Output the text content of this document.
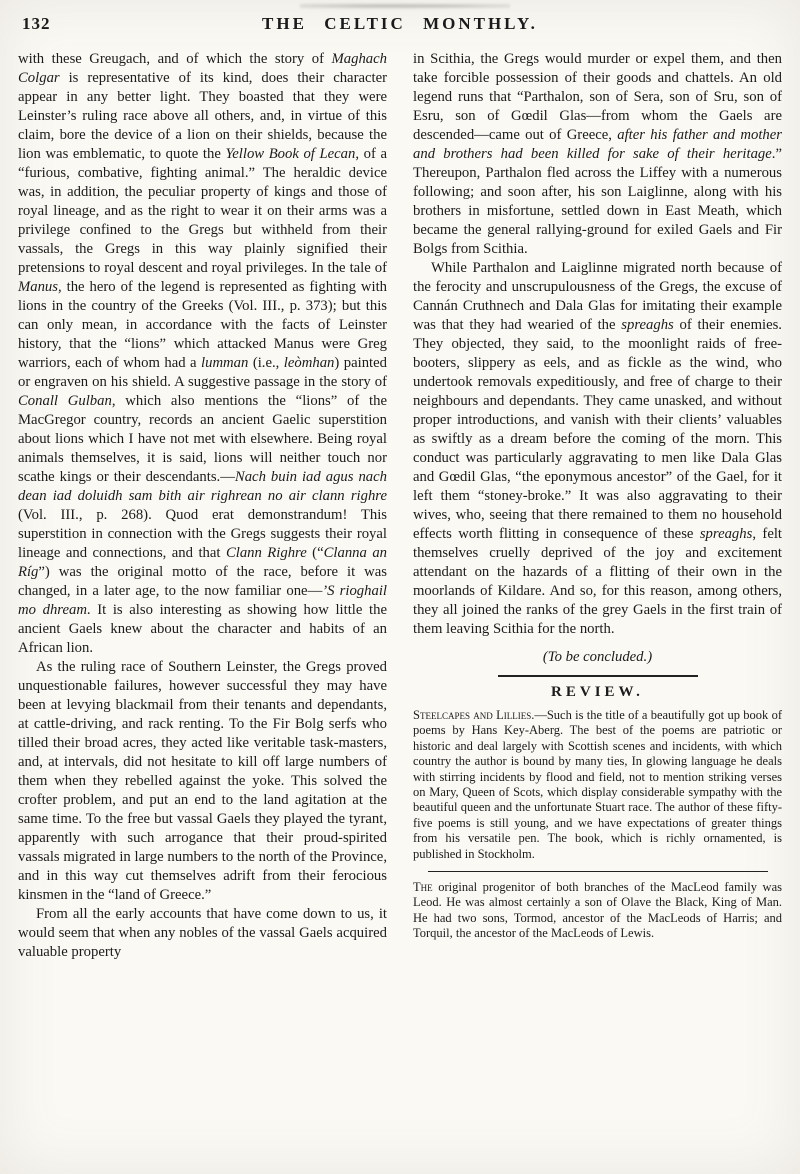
132	THE CELTIC MONTHLY.

with these Greugach, and of which the story of Maghach Colgar is representative of its kind, does their character appear in any better light. They boasted that they were Leinster’s ruling race above all others, and, in virtue of this claim, bore the device of a lion on their shields, because the lion was emblematic, to quote the Yellow Book of Lecan, of a “furious, combative, fighting animal.” The heraldic device was, in addition, the peculiar property of kings and those of royal lineage, and as the right to wear it on their arms was a privilege confined to the Gregs but withheld from their vassals, the Gregs in this way plainly signified their pretensions to royal descent and royal privileges. In the tale of Manus, the hero of the legend is represented as fighting with lions in the country of the Greeks (Vol. III., p. 373); but this can only mean, in accordance with the facts of Leinster history, that the “lions” which attacked Manus were Greg warriors, each of whom had a lumman (i.e., leòmhan) painted or engraven on his shield. A suggestive passage in the story of Conall Gulban, which also mentions the “lions” of the MacGregor country, records an ancient Gaelic superstition about lions which I have not met with elsewhere. Being royal animals themselves, it is said, lions will neither touch nor scathe kings or their descendants.—Nach buin iad agus nach dean iad doluidh sam bith air righrean no air clann righre (Vol. III., p. 268). Quod erat demonstrandum! This superstition in connection with the Gregs suggests their royal lineage and connections, and that Clann Righre (“Clanna an Ríg”) was the original motto of the race, before it was changed, in a later age, to the now familiar one—’S rioghail mo dhream. It is also interesting as showing how little the ancient Gaels knew about the character and habits of an African lion.

As the ruling race of Southern Leinster, the Gregs proved unquestionable failures, however successful they may have been at levying blackmail from their tenants and dependants, at cattle-driving, and rack renting. To the Fir Bolg serfs who tilled their broad acres, they acted like veritable task-masters, and, at intervals, did not hesitate to kill off large numbers of them when they rebelled against the yoke. This solved the crofter problem, and put an end to the land agitation at the same time. To the free but vassal Gaels they played the tyrant, apparently with such arrogance that their proud-spirited vassals migrated in large numbers to the north of the Province, and in this way cut themselves adrift from their ferocious kinsmen in the “land of Greece.”

From all the early accounts that have come down to us, it would seem that when any nobles of the vassal Gaels acquired valuable property

in Scithia, the Gregs would murder or expel them, and then take forcible possession of their goods and chattels. An old legend runs that “Parthalon, son of Sera, son of Sru, son of Esru, son of Gœdil Glas—from whom the Gaels are descended—came out of Greece, after his father and mother and brothers had been killed for sake of their heritage.” Thereupon, Parthalon fled across the Liffey with a numerous following; and soon after, his son Laiglinne, along with his brothers in misfortune, settled down in East Meath, which became the general rallying-ground for exiled Gaels and Fir Bolgs from Scithia.

While Parthalon and Laiglinne migrated north because of the ferocity and unscrupulousness of the Gregs, the excuse of Cannán Cruthnech and Dala Glas for imitating their example was that they had wearied of the spreaghs of their enemies. They objected, they said, to the moonlight raids of free-booters, slippery as eels, and as fickle as the wind, who undertook removals expeditiously, and free of charge to their neighbours and dependants. They came unasked, and without proper introductions, and vanish with their clients’ valuables as swiftly as a dream before the coming of the morn. This conduct was particularly aggravating to men like Dala Glas and Gœdil Glas, “the eponymous ancestor” of the Gael, for it left them “stoney-broke.” It was also aggravating to their wives, who, seeing that there remained to them no household effects worth flitting in consequence of these spreaghs, felt themselves cruelly deprived of the joy and excitement attendant on the hazards of a flitting of their own in the moorlands of Kildare. And so, for this reason, among others, they all joined the ranks of the grey Gaels in the first train of them leaving Scithia for the north.

(To be concluded.)

REVIEW.

Steelcapes and Lillies.—Such is the title of a beautifully got up book of poems by Hans Key-Aberg. The best of the poems are patriotic or historic and deal largely with Scottish scenes and incidents, with which country the author is bound by many ties, In glowing language he deals with stirring incidents by flood and field, not to mention striking verses on Mary, Queen of Scots, which display considerable sympathy with the beautiful queen and the unfortunate Stuart race. The author of these fifty-five poems is still young, and we have expectations of greater things from his versatile pen. The book, which is richly ornamented, is published in Stockholm.

The original progenitor of both branches of the MacLeod family was Leod. He was almost certainly a son of Olave the Black, King of Man. He had two sons, Tormod, ancestor of the MacLeods of Harris; and Torquil, the ancestor of the MacLeods of Lewis.
